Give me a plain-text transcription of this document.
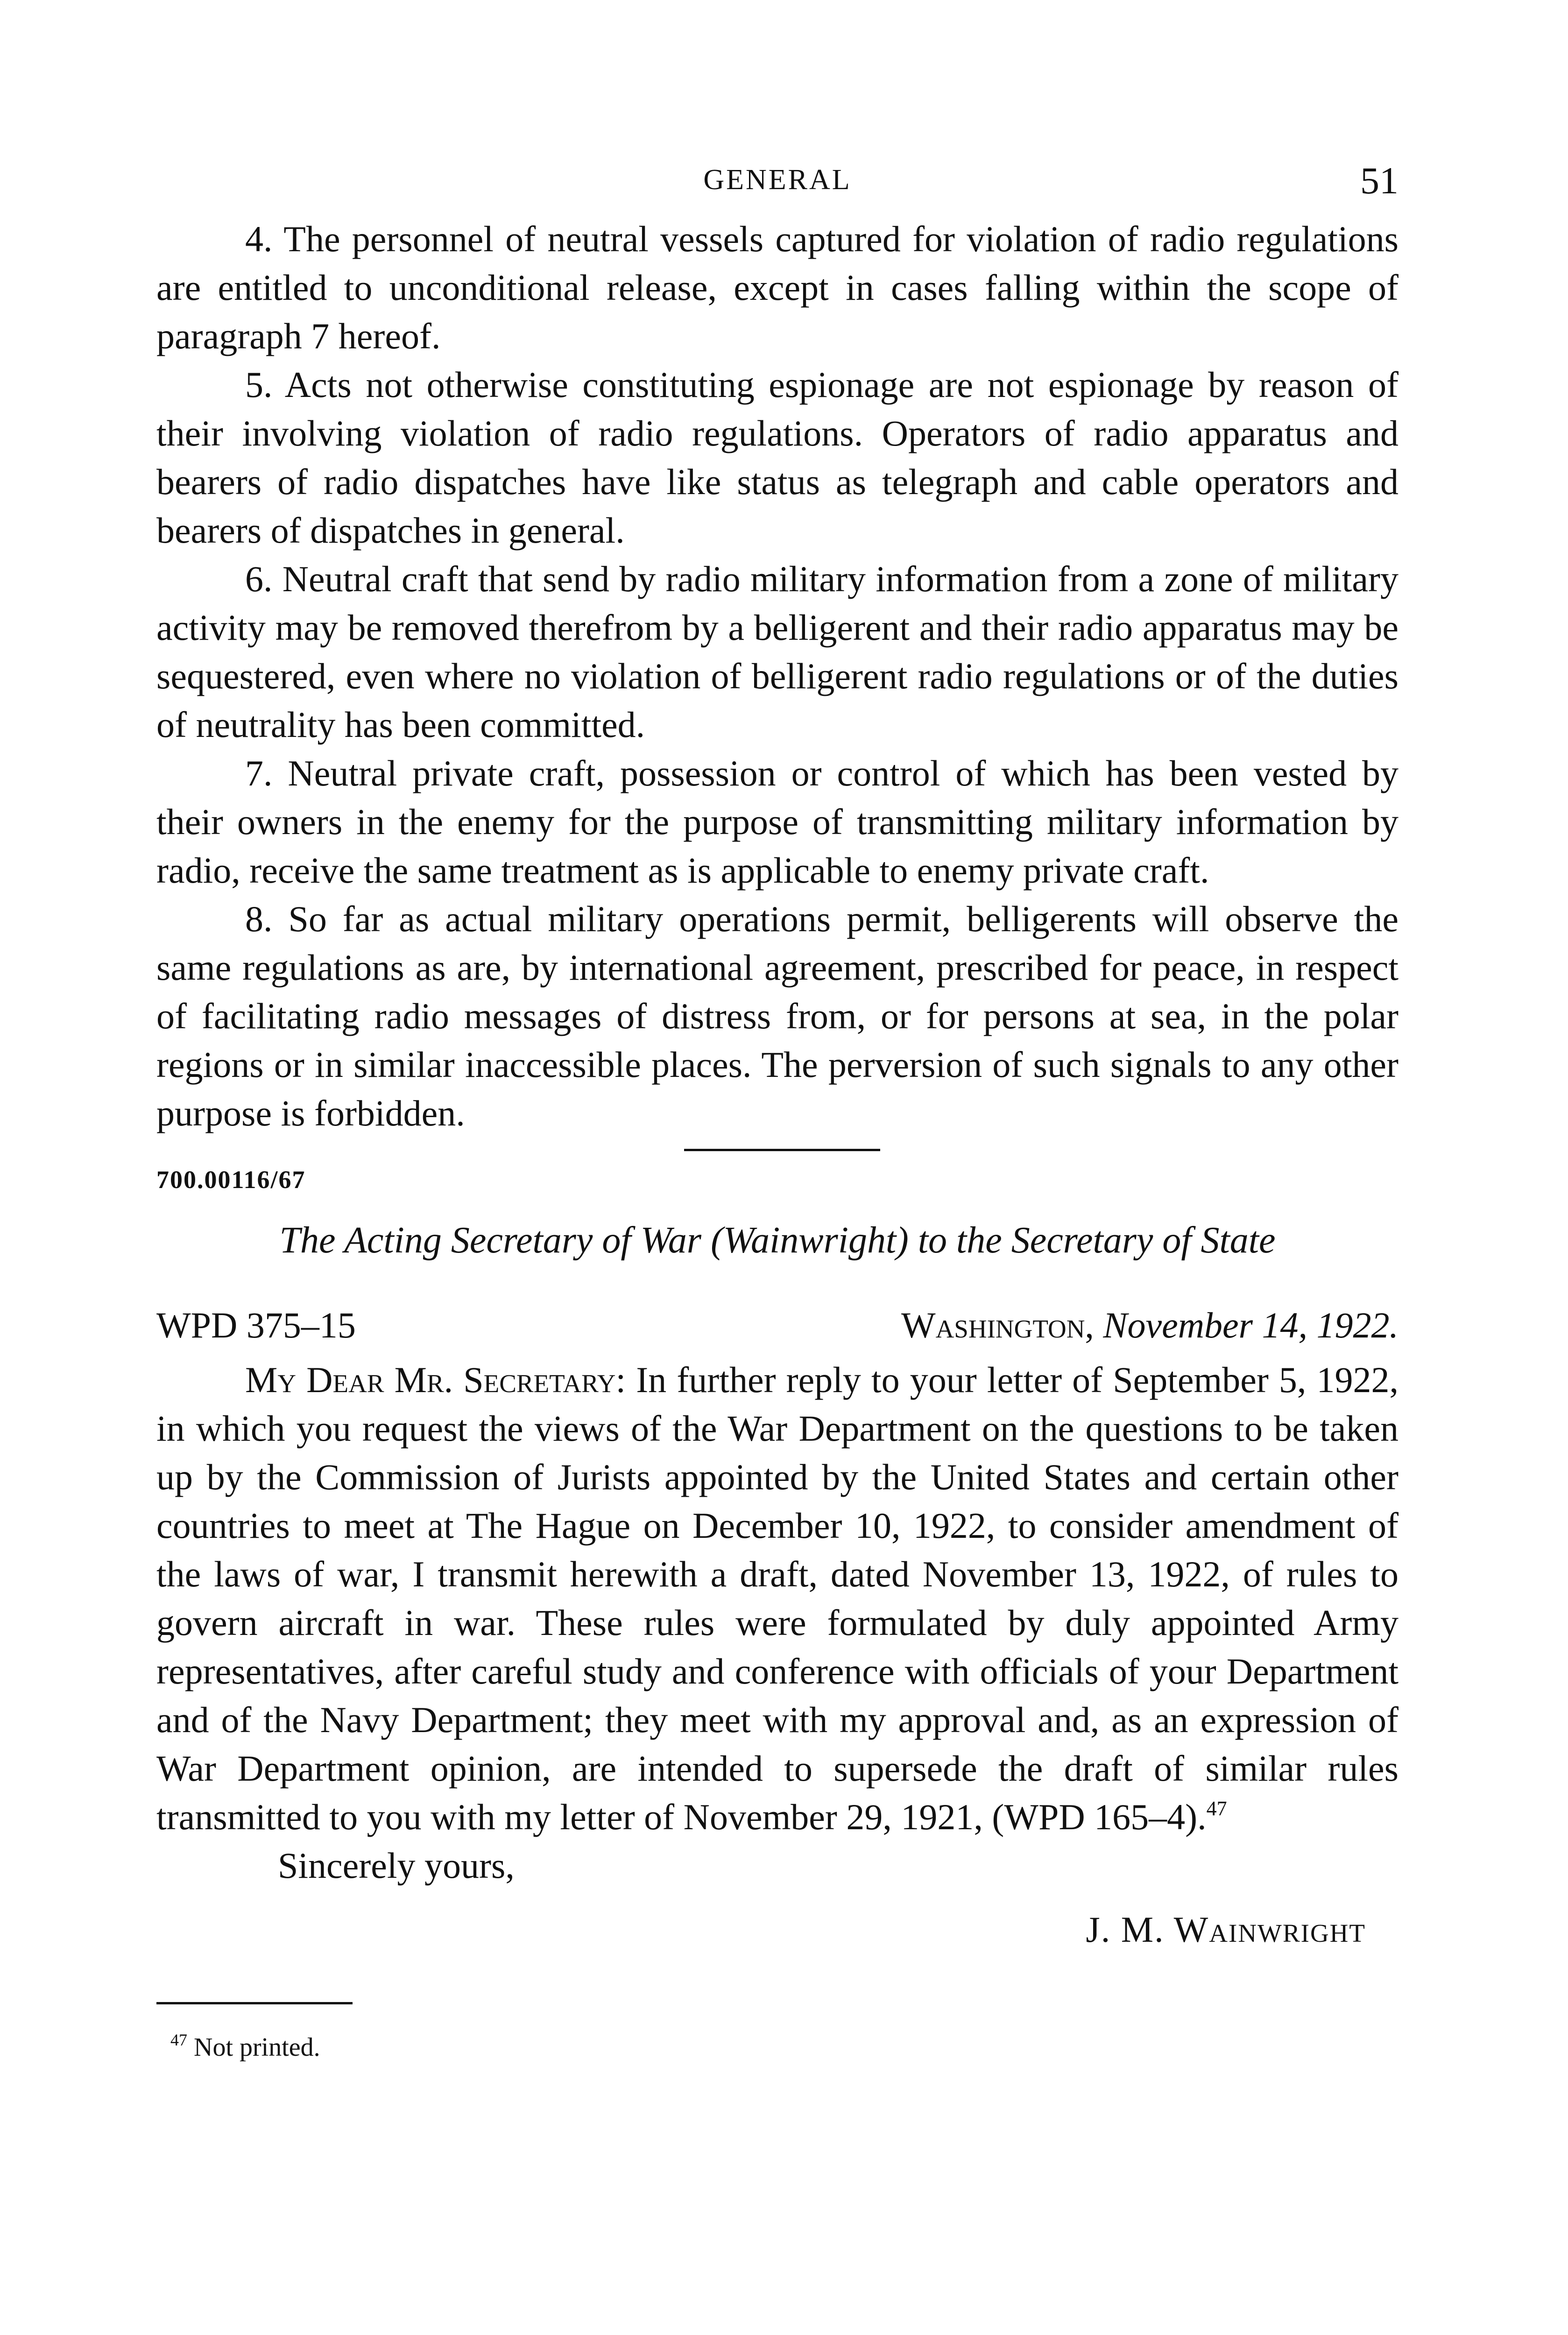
GENERAL	51

4. The personnel of neutral vessels captured for violation of radio regulations are entitled to unconditional release, except in cases falling within the scope of paragraph 7 hereof.

5. Acts not otherwise constituting espionage are not espionage by reason of their involving violation of radio regulations. Operators of radio apparatus and bearers of radio dispatches have like status as telegraph and cable operators and bearers of dispatches in general.

6. Neutral craft that send by radio military information from a zone of military activity may be removed therefrom by a belligerent and their radio apparatus may be sequestered, even where no violation of belligerent radio regulations or of the duties of neutrality has been committed.

7. Neutral private craft, possession or control of which has been vested by their owners in the enemy for the purpose of transmitting military information by radio, receive the same treatment as is applicable to enemy private craft.

8. So far as actual military operations permit, belligerents will observe the same regulations as are, by international agreement, prescribed for peace, in respect of facilitating radio messages of distress from, or for persons at sea, in the polar regions or in similar inaccessible places. The perversion of such signals to any other purpose is forbidden.

700.00116/67
The Acting Secretary of War (Wainwright) to the Secretary of State
WPD 375–15	Washington, November 14, 1922.

My Dear Mr. Secretary: In further reply to your letter of September 5, 1922, in which you request the views of the War Department on the questions to be taken up by the Commission of Jurists appointed by the United States and certain other countries to meet at The Hague on December 10, 1922, to consider amendment of the laws of war, I transmit herewith a draft, dated November 13, 1922, of rules to govern aircraft in war. These rules were formulated by duly appointed Army representatives, after careful study and conference with officials of your Department and of the Navy Department; they meet with my approval and, as an expression of War Department opinion, are intended to supersede the draft of similar rules transmitted to you with my letter of November 29, 1921, (WPD 165–4).$^{47}$

Sincerely yours,
J. M. Wainwright
$^{47}$ Not printed.
